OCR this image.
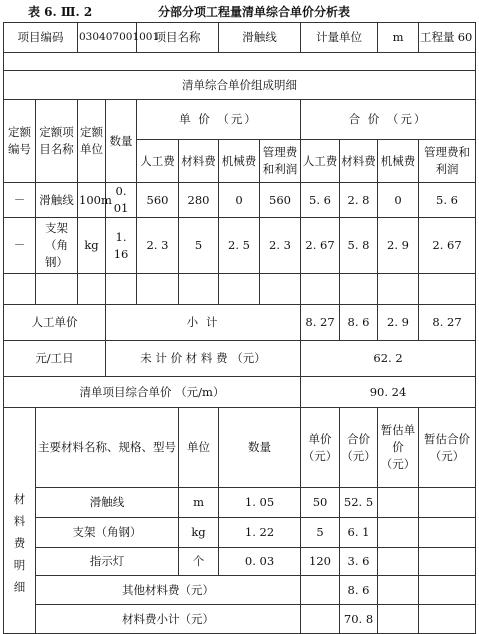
表 6. Ⅲ. 2	分部分项工程量清单综合单价分析表
项目编码		030407001001		项目名称		滑触线		计量单位		m	工程量 60

清单综合单价组成明细											
定额编号	定额项目名称	定额单位	数量	单 价 （元）				合 价 （元）			
				人工费	材料费	机械费	管理费和利润	人工费	材料费	机械费	管理费和利润
－	滑触线	100m	0. 01	560	280	0	560	5. 6	2. 8	0	5. 6
－	支架（角钢）	kg	1. 16	2. 3	5	2. 5	2. 3	2. 67	5. 8	2. 9	2. 67

人工单价			小 计					8. 27	8. 6	2. 9	8. 27
元/工日			未 计 价 材 料 费 （元）					62. 2			
清单项目综合单价 （元/m）								90. 24			

材料费明细	主要材料名称、规格、型号				单位	数量		单价（元）	合价（元）	暂估单价（元）	暂估合价（元）
	滑触线				m	1. 05		50	52. 5		
	支架（角钢）				kg	1. 22		5	6. 1		
	指示灯				个	0. 03		120	3. 6		
	其他材料费（元）								8. 6		
	材料费小计（元）								70. 8		
